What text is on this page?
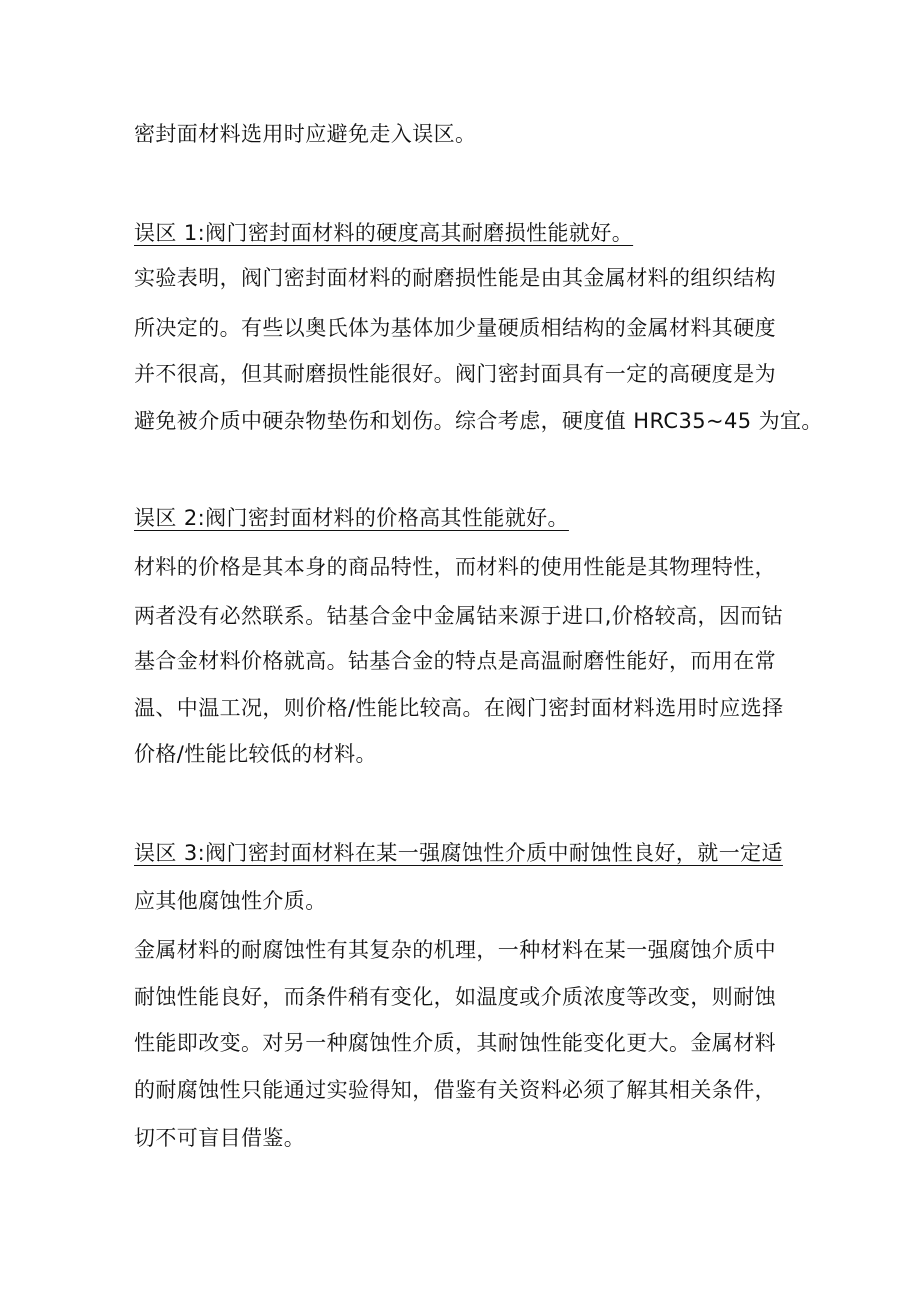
密封面材料选用时应避免走入误区。
误区 1:阀门密封面材料的硬度高其耐磨损性能就好。
实验表明，阀门密封面材料的耐磨损性能是由其金属材料的组织结构
所决定的。有些以奥氏体为基体加少量硬质相结构的金属材料其硬度
并不很高，但其耐磨损性能很好。阀门密封面具有一定的高硬度是为
避免被介质中硬杂物垫伤和划伤。综合考虑，硬度值 HRC35~45 为宜。
误区 2:阀门密封面材料的价格高其性能就好。
材料的价格是其本身的商品特性，而材料的使用性能是其物理特性，
两者没有必然联系。钴基合金中金属钴来源于进口,价格较高，因而钴
基合金材料价格就高。钴基合金的特点是高温耐磨性能好，而用在常
温、中温工况，则价格/性能比较高。在阀门密封面材料选用时应选择
价格/性能比较低的材料。
误区 3:阀门密封面材料在某一强腐蚀性介质中耐蚀性良好，就一定适
应其他腐蚀性介质。
金属材料的耐腐蚀性有其复杂的机理，一种材料在某一强腐蚀介质中
耐蚀性能良好，而条件稍有变化，如温度或介质浓度等改变，则耐蚀
性能即改变。对另一种腐蚀性介质，其耐蚀性能变化更大。金属材料
的耐腐蚀性只能通过实验得知，借鉴有关资料必须了解其相关条件，
切不可盲目借鉴。
